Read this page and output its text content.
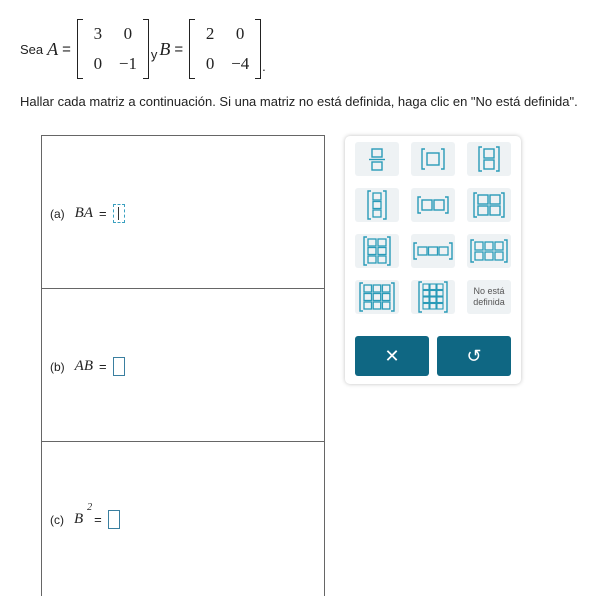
Sea A =
3	0
0 −1	y B =
2	0
0 −4 .
Hallar cada matriz a continuación. Si una matriz no está definida, haga clic en "No está definida".
(a) BA =
(b) AB =
(c) B
2
=
No está
definida
✕	↺
